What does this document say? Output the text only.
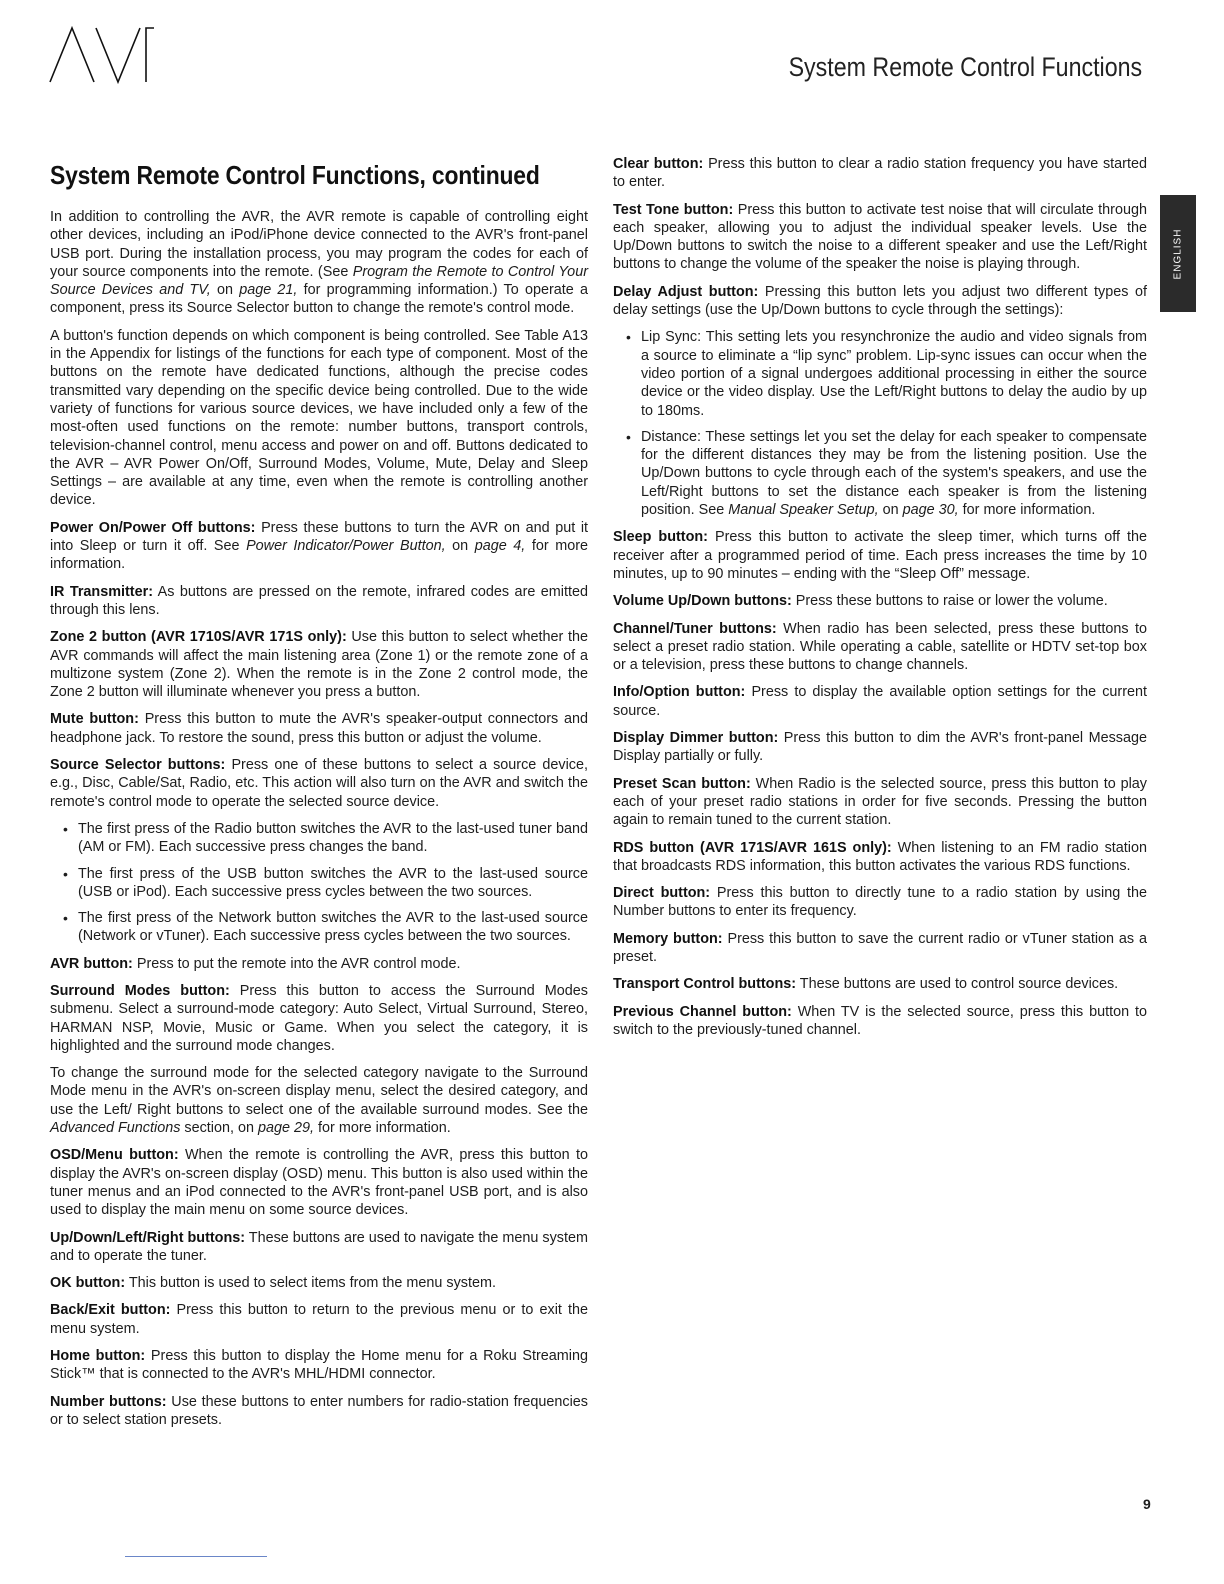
System Remote Control Functions
ENGLISH
System Remote Control Functions, continued

In addition to controlling the AVR, the AVR remote is capable of controlling eight other devices, including an iPod/iPhone device connected to the AVR's front-panel USB port. During the installation process, you may program the codes for each of your source components into the remote. (See Program the Remote to Control Your Source Devices and TV, on page 21, for programming information.) To operate a component, press its Source Selector button to change the remote's control mode.

A button's function depends on which component is being controlled. See Table A13 in the Appendix for listings of the functions for each type of component. Most of the buttons on the remote have dedicated functions, although the precise codes transmitted vary depending on the specific device being controlled. Due to the wide variety of functions for various source devices, we have included only a few of the most-often used functions on the remote: number buttons, transport controls, television-channel control, menu access and power on and off. Buttons dedicated to the AVR – AVR Power On/Off, Surround Modes, Volume, Mute, Delay and Sleep Settings – are available at any time, even when the remote is controlling another device.

Power On/Power Off buttons: Press these buttons to turn the AVR on and put it into Sleep or turn it off. See Power Indicator/Power Button, on page 4, for more information.

IR Transmitter: As buttons are pressed on the remote, infrared codes are emitted through this lens.

Zone 2 button (AVR 1710S/AVR 171S only): Use this button to select whether the AVR commands will affect the main listening area (Zone 1) or the remote zone of a multizone system (Zone 2). When the remote is in the Zone 2 control mode, the Zone 2 button will illuminate whenever you press a button.

Mute button: Press this button to mute the AVR's speaker-output connectors and headphone jack. To restore the sound, press this button or adjust the volume.

Source Selector buttons: Press one of these buttons to select a source device, e.g., Disc, Cable/Sat, Radio, etc. This action will also turn on the AVR and switch the remote's control mode to operate the selected source device.

• The first press of the Radio button switches the AVR to the last-used tuner band (AM or FM). Each successive press changes the band.
• The first press of the USB button switches the AVR to the last-used source (USB or iPod). Each successive press cycles between the two sources.
• The first press of the Network button switches the AVR to the last-used source (Network or vTuner). Each successive press cycles between the two sources.

AVR button: Press to put the remote into the AVR control mode.

Surround Modes button: Press this button to access the Surround Modes submenu. Select a surround-mode category: Auto Select, Virtual Surround, Stereo, HARMAN NSP, Movie, Music or Game. When you select the category, it is highlighted and the surround mode changes.

To change the surround mode for the selected category navigate to the Surround Mode menu in the AVR's on-screen display menu, select the desired category, and use the Left/ Right buttons to select one of the available surround modes. See the Advanced Functions section, on page 29, for more information.

OSD/Menu button: When the remote is controlling the AVR, press this button to display the AVR's on-screen display (OSD) menu. This button is also used within the tuner menus and an iPod connected to the AVR's front-panel USB port, and is also used to display the main menu on some source devices.

Up/Down/Left/Right buttons: These buttons are used to navigate the menu system and to operate the tuner.

OK button: This button is used to select items from the menu system.

Back/Exit button: Press this button to return to the previous menu or to exit the menu system.

Home button: Press this button to display the Home menu for a Roku Streaming Stick™ that is connected to the AVR's MHL/HDMI connector.

Number buttons: Use these buttons to enter numbers for radio-station frequencies or to select station presets.

Clear button: Press this button to clear a radio station frequency you have started to enter.

Test Tone button: Press this button to activate test noise that will circulate through each speaker, allowing you to adjust the individual speaker levels. Use the Up/Down buttons to switch the noise to a different speaker and use the Left/Right buttons to change the volume of the speaker the noise is playing through.

Delay Adjust button: Pressing this button lets you adjust two different types of delay settings (use the Up/Down buttons to cycle through the settings):

• Lip Sync: This setting lets you resynchronize the audio and video signals from a source to eliminate a “lip sync” problem. Lip-sync issues can occur when the video portion of a signal undergoes additional processing in either the source device or the video display. Use the Left/Right buttons to delay the audio by up to 180ms.
• Distance: These settings let you set the delay for each speaker to compensate for the different distances they may be from the listening position. Use the Up/Down buttons to cycle through each of the system's speakers, and use the Left/Right buttons to set the distance each speaker is from the listening position. See Manual Speaker Setup, on page 30, for more information.

Sleep button: Press this button to activate the sleep timer, which turns off the receiver after a programmed period of time. Each press increases the time by 10 minutes, up to 90 minutes – ending with the “Sleep Off” message.

Volume Up/Down buttons: Press these buttons to raise or lower the volume.

Channel/Tuner buttons: When radio has been selected, press these buttons to select a preset radio station. While operating a cable, satellite or HDTV set-top box or a television, press these buttons to change channels.

Info/Option button: Press to display the available option settings for the current source.

Display Dimmer button: Press this button to dim the AVR's front-panel Message Display partially or fully.

Preset Scan button: When Radio is the selected source, press this button to play each of your preset radio stations in order for five seconds. Pressing the button again to remain tuned to the current station.

RDS button (AVR 171S/AVR 161S only): When listening to an FM radio station that broadcasts RDS information, this button activates the various RDS functions.

Direct button: Press this button to directly tune to a radio station by using the Number buttons to enter its frequency.

Memory button: Press this button to save the current radio or vTuner station as a preset.

Transport Control buttons: These buttons are used to control source devices.

Previous Channel button: When TV is the selected source, press this button to switch to the previously-tuned channel.

9
